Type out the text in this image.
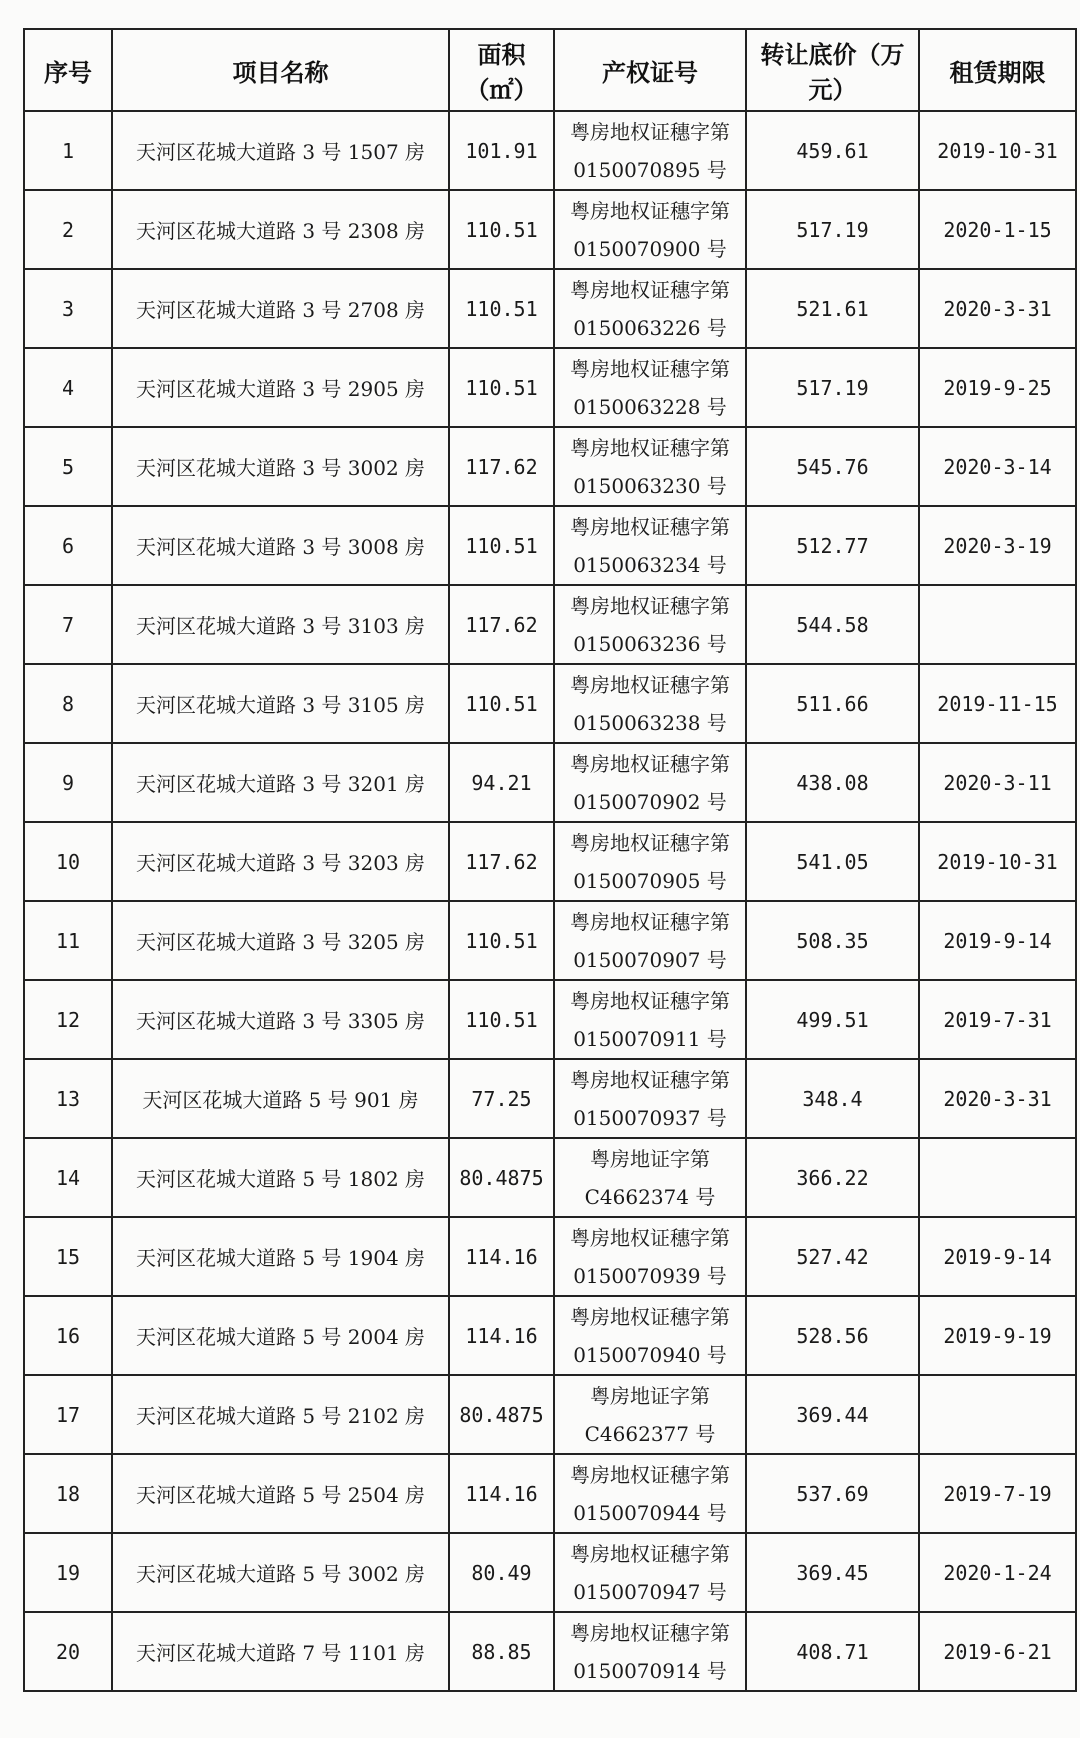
序号	项目名称	面积（㎡）	产权证号	转让底价（万元）	租赁期限
1	天河区花城大道路 3 号 1507 房	101.91	粤房地权证穗字第
0150070895 号	459.61	2019-10-31
2	天河区花城大道路 3 号 2308 房	110.51	粤房地权证穗字第
0150070900 号	517.19	2020-1-15
3	天河区花城大道路 3 号 2708 房	110.51	粤房地权证穗字第
0150063226 号	521.61	2020-3-31
4	天河区花城大道路 3 号 2905 房	110.51	粤房地权证穗字第
0150063228 号	517.19	2019-9-25
5	天河区花城大道路 3 号 3002 房	117.62	粤房地权证穗字第
0150063230 号	545.76	2020-3-14
6	天河区花城大道路 3 号 3008 房	110.51	粤房地权证穗字第
0150063234 号	512.77	2020-3-19
7	天河区花城大道路 3 号 3103 房	117.62	粤房地权证穗字第
0150063236 号	544.58	
8	天河区花城大道路 3 号 3105 房	110.51	粤房地权证穗字第
0150063238 号	511.66	2019-11-15
9	天河区花城大道路 3 号 3201 房	94.21	粤房地权证穗字第
0150070902 号	438.08	2020-3-11
10	天河区花城大道路 3 号 3203 房	117.62	粤房地权证穗字第
0150070905 号	541.05	2019-10-31
11	天河区花城大道路 3 号 3205 房	110.51	粤房地权证穗字第
0150070907 号	508.35	2019-9-14
12	天河区花城大道路 3 号 3305 房	110.51	粤房地权证穗字第
0150070911 号	499.51	2019-7-31
13	天河区花城大道路 5 号 901 房	77.25	粤房地权证穗字第
0150070937 号	348.4	2020-3-31
14	天河区花城大道路 5 号 1802 房	80.4875	粤房地证字第
C4662374 号	366.22	
15	天河区花城大道路 5 号 1904 房	114.16	粤房地权证穗字第
0150070939 号	527.42	2019-9-14
16	天河区花城大道路 5 号 2004 房	114.16	粤房地权证穗字第
0150070940 号	528.56	2019-9-19
17	天河区花城大道路 5 号 2102 房	80.4875	粤房地证字第
C4662377 号	369.44	
18	天河区花城大道路 5 号 2504 房	114.16	粤房地权证穗字第
0150070944 号	537.69	2019-7-19
19	天河区花城大道路 5 号 3002 房	80.49	粤房地权证穗字第
0150070947 号	369.45	2020-1-24
20	天河区花城大道路 7 号 1101 房	88.85	粤房地权证穗字第
0150070914 号	408.71	2019-6-21
